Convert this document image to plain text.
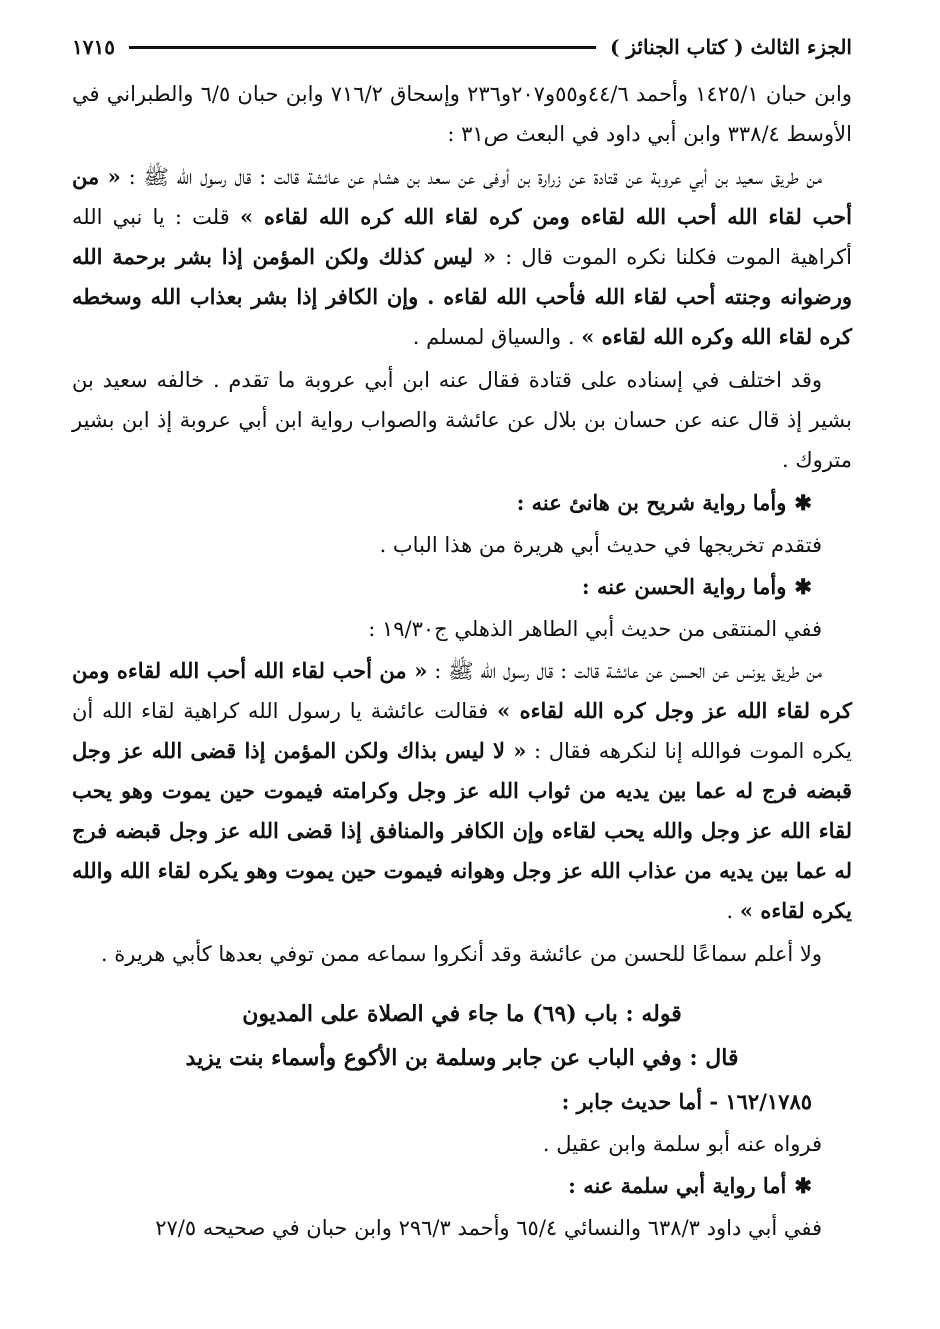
الجزء الثالث ( كتاب الجنائز )
١٧١٥

وابن حبان ١٤٢٥/١ وأحمد ٤٤/٦و٥٥و٢٠٧و٢٣٦ وإسحاق ٧١٦/٢ وابن حبان ٦/٥ والطبراني في الأوسط ٣٣٨/٤ وابن أبي داود في البعث ص٣١ :

من طريق سعيد بن أبي عروبة عن قتادة عن زرارة بن أوفى عن سعد بن هشام عن عائشة قالت : قال رسول الله ﷺ : « من أحب لقاء الله أحب الله لقاءه ومن كره لقاء الله كره الله لقاءه » قلت : يا نبي الله أكراهية الموت فكلنا نكره الموت قال : « ليس كذلك ولكن المؤمن إذا بشر برحمة الله ورضوانه وجنته أحب لقاء الله فأحب الله لقاءه . وإن الكافر إذا بشر بعذاب الله وسخطه كره لقاء الله وكره الله لقاءه » . والسياق لمسلم .

وقد اختلف في إسناده على قتادة فقال عنه ابن أبي عروبة ما تقدم . خالفه سعيد بن بشير إذ قال عنه عن حسان بن بلال عن عائشة والصواب رواية ابن أبي عروبة إذ ابن بشير متروك .

✱وأما رواية شريح بن هانئ عنه :

فتقدم تخريجها في حديث أبي هريرة من هذا الباب .

✱وأما رواية الحسن عنه :

ففي المنتقى من حديث أبي الطاهر الذهلي ج١٩/٣٠ :

من طريق يونس عن الحسن عن عائشة قالت : قال رسول الله ﷺ : « من أحب لقاء الله أحب الله لقاءه ومن كره لقاء الله عز وجل كره الله لقاءه » فقالت عائشة يا رسول الله كراهية لقاء الله أن يكره الموت فوالله إنا لنكرهه فقال : « لا ليس بذاك ولكن المؤمن إذا قضى الله عز وجل قبضه فرج له عما بين يديه من ثواب الله عز وجل وكرامته فيموت حين يموت وهو يحب لقاء الله عز وجل والله يحب لقاءه وإن الكافر والمنافق إذا قضى الله عز وجل قبضه فرج له عما بين يديه من عذاب الله عز وجل وهوانه فيموت حين يموت وهو يكره لقاء الله والله يكره لقاءه » .

ولا أعلم سماعًا للحسن من عائشة وقد أنكروا سماعه ممن توفي بعدها كأبي هريرة .

قوله : باب (٦٩) ما جاء في الصلاة على المديون

قال : وفي الباب عن جابر وسلمة بن الأكوع وأسماء بنت يزيد

١٦٢/١٧٨٥ - أما حديث جابر :

فرواه عنه أبو سلمة وابن عقيل .

✱أما رواية أبي سلمة عنه :

ففي أبي داود ٦٣٨/٣ والنسائي ٦٥/٤ وأحمد ٢٩٦/٣ وابن حبان في صحيحه ٢٧/٥
